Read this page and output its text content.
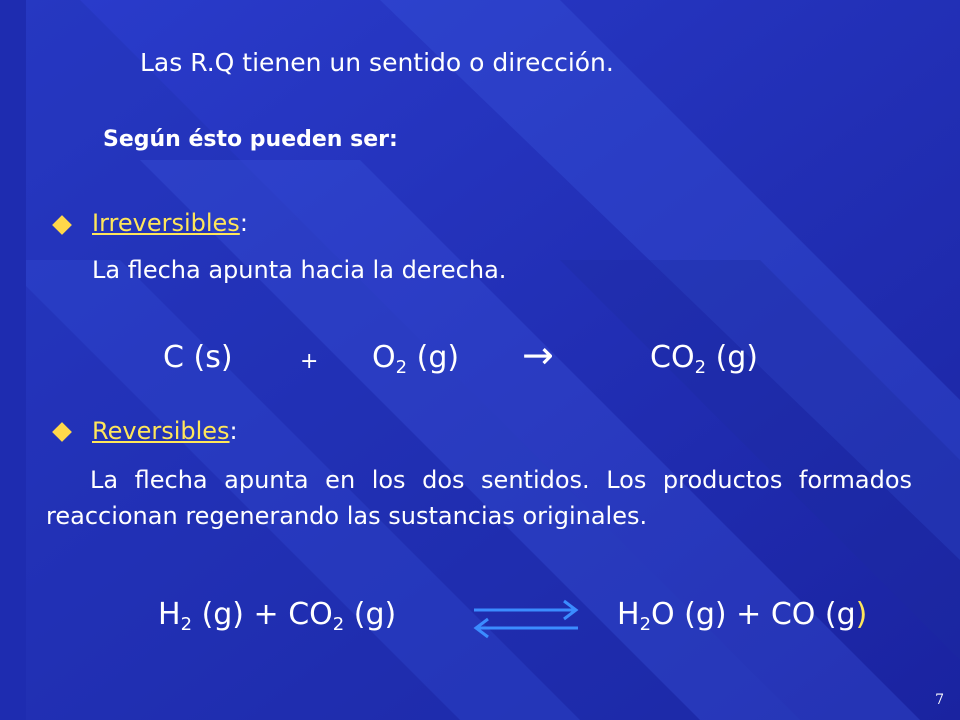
Las R.Q tienen un sentido o dirección.
Según ésto pueden ser:
Irreversibles:
La flecha apunta hacia la derecha.
C (s)	+ $O_2$ (g) →	$CO_2$ (g)
Reversibles:
La flecha apunta en los dos sentidos. Los productos formados reaccionan regenerando las sustancias originales.
$H_2$ $(g) + CO_2$ (g)	$H_2O$ (g) + CO (g)
7
